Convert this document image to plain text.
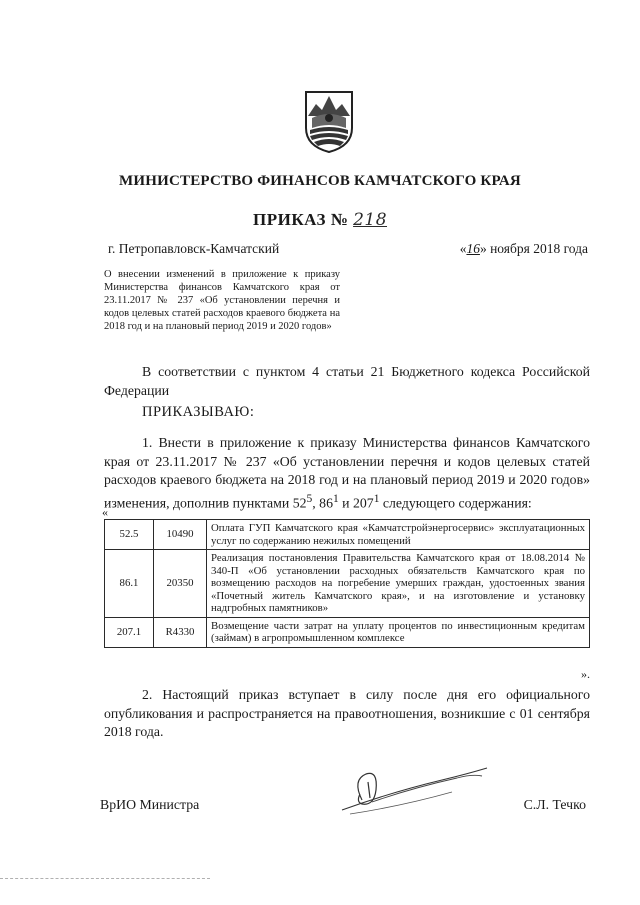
МИНИСТЕРСТВО ФИНАНСОВ КАМЧАТСКОГО КРАЯ
ПРИКАЗ № 218
г. Петропавловск-Камчатский	«16» ноября 2018 года
О внесении изменений в приложение к приказу Министерства финансов Камчатского края от 23.11.2017 № 237 «Об установлении перечня и кодов целевых статей расходов краевого бюджета на 2018 год и на плановый период 2019 и 2020 годов»
В соответствии с пунктом 4 статьи 21 Бюджетного кодекса Российской Федерации
ПРИКАЗЫВАЮ:
1. Внести в приложение к приказу Министерства финансов Камчатского края от 23.11.2017 № 237 «Об установлении перечня и кодов целевых статей расходов краевого бюджета на 2018 год и на плановый период 2019 и 2020 годов» изменения, дополнив пунктами $52^5$, $86^1$ и $207^1$ следующего содержания:
«
52.5	10490	Оплата ГУП Камчатского края «Камчатстройэнергосервис» эксплуатационных услуг по содержанию нежилых помещений
86.1	20350	Реализация постановления Правительства Камчатского края от 18.08.2014 № 340-П «Об установлении расходных обязательств Камчатского края по возмещению расходов на погребение умерших граждан, удостоенных звания «Почетный житель Камчатского края», и на изготовление и установку надгробных памятников»
207.1	R4330	Возмещение части затрат на уплату процентов по инвестиционным кредитам (займам) в агропромышленном комплексе
».
2. Настоящий приказ вступает в силу после дня его официального опубликования и распространяется на правоотношения, возникшие с 01 сентября 2018 года.
ВрИО Министра	С.Л. Течко
